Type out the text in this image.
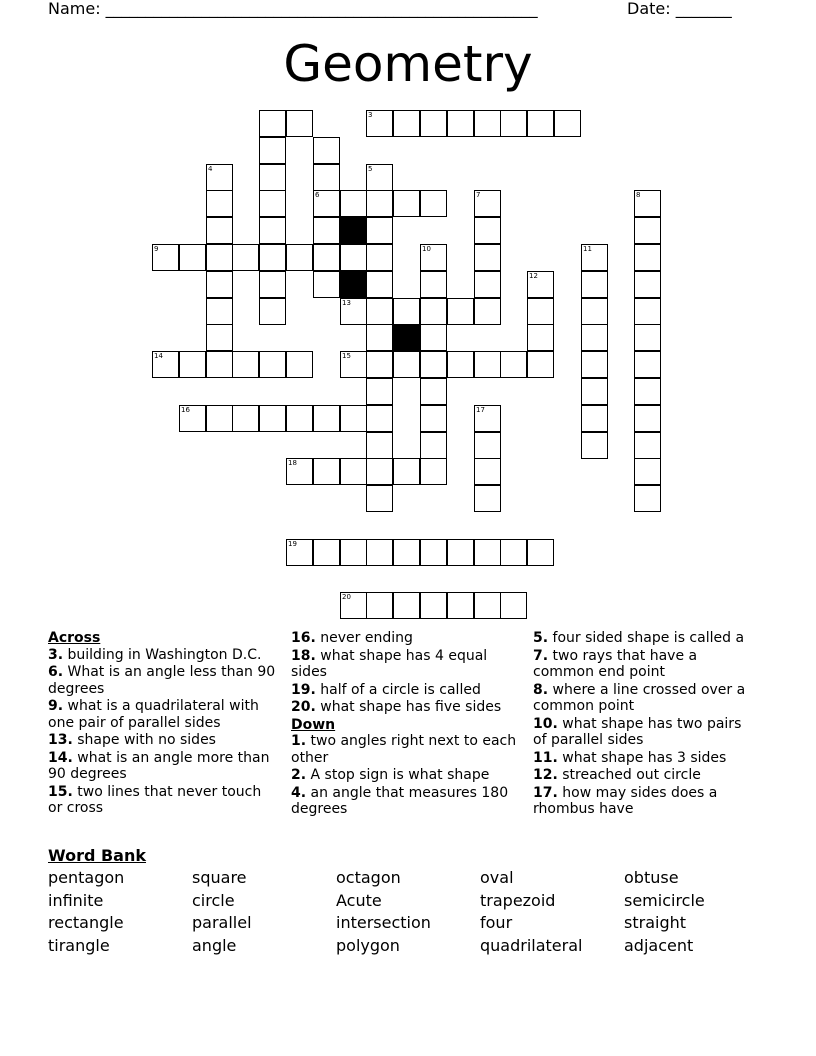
Name: ______________________________________________________	Date: _______
Geometry
3
4	5
6	7	8
9	10	11
12
13
14	15
16	17
18
19
20
Across
3. building in Washington D.C.
6. What is an angle less than 90 degrees
9. what is a quadrilateral with one pair of parallel sides
13. shape with no sides
14. what is an angle more than 90 degrees
15. two lines that never touch or cross
16. never ending
18. what shape has 4 equal sides
19. half of a circle is called
20. what shape has five sides
Down
1. two angles right next to each other
2. A stop sign is what shape
4. an angle that measures 180 degrees
5. four sided shape is called a
7. two rays that have a common end point
8. where a line crossed over a common point
10. what shape has two pairs of parallel sides
11. what shape has 3 sides
12. streached out circle
17. how may sides does a rhombus have
Word Bank
pentagon	square	octagon	oval	obtuse
infinite	circle	Acute	trapezoid	semicircle
rectangle	parallel	intersection	four	straight
tirangle	angle	polygon	quadrilateral	adjacent
